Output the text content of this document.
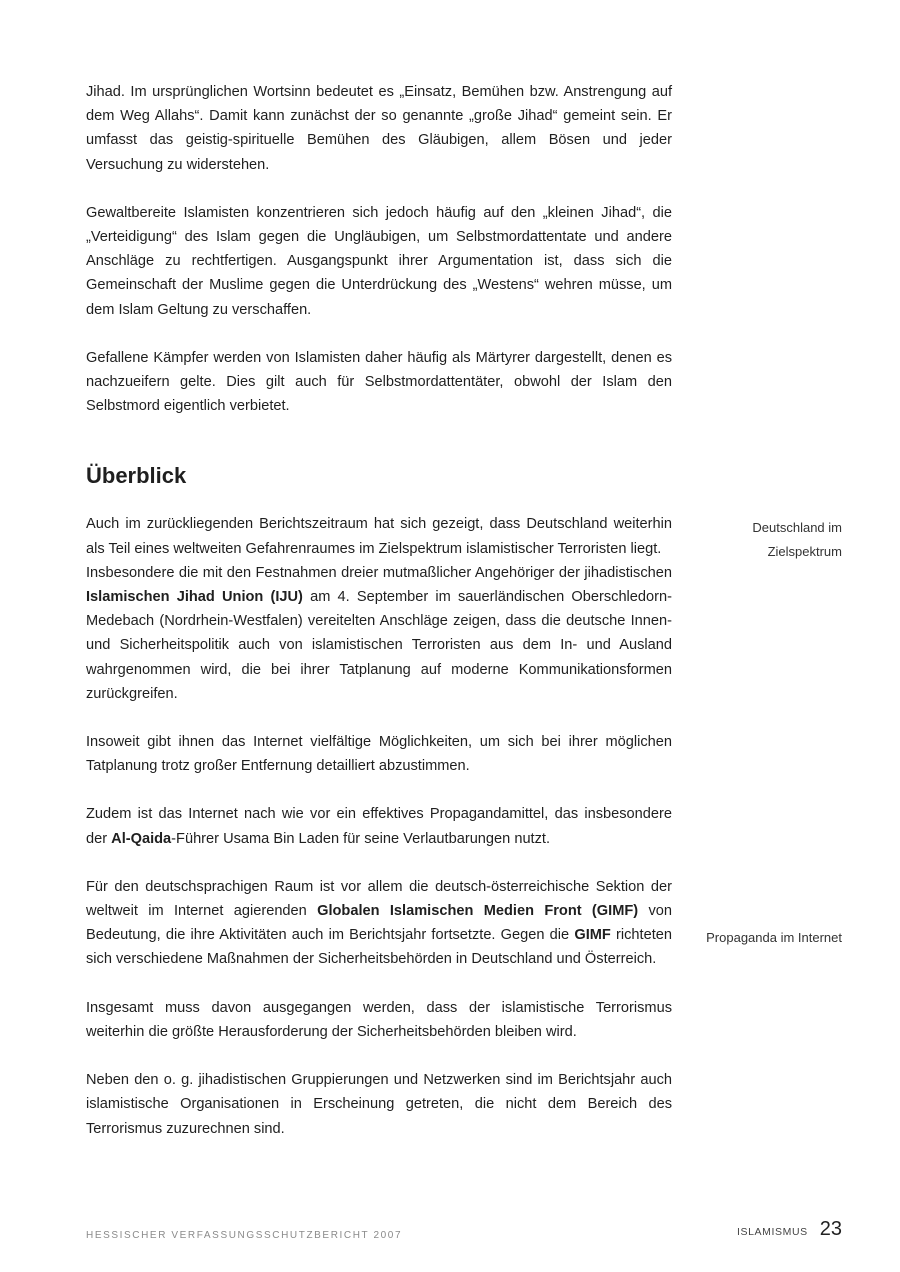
Jihad. Im ursprünglichen Wortsinn bedeutet es „Einsatz, Bemühen bzw. Anstrengung auf dem Weg Allahs“. Damit kann zunächst der so genannte „große Jihad“ gemeint sein. Er umfasst das geistig-spirituelle Bemühen des Gläubigen, allem Bösen und jeder Versuchung zu widerstehen.

Gewaltbereite Islamisten konzentrieren sich jedoch häufig auf den „kleinen Jihad“, die „Verteidigung“ des Islam gegen die Ungläubigen, um Selbstmordattentate und andere Anschläge zu rechtfertigen. Ausgangspunkt ihrer Argumentation ist, dass sich die Gemeinschaft der Muslime gegen die Unterdrückung des „Westens“ wehren müsse, um dem Islam Geltung zu verschaffen.

Gefallene Kämpfer werden von Islamisten daher häufig als Märtyrer dargestellt, denen es nachzueifern gelte. Dies gilt auch für Selbstmordattentäter, obwohl der Islam den Selbstmord eigentlich verbietet.

Überblick

Auch im zurückliegenden Berichtszeitraum hat sich gezeigt, dass Deutschland weiterhin als Teil eines weltweiten Gefahrenraumes im Zielspektrum islamistischer Terroristen liegt.

Insbesondere die mit den Festnahmen dreier mutmaßlicher Angehöriger der jihadistischen Islamischen Jihad Union (IJU) am 4. September im sauerländischen Oberschledorn-Medebach (Nordrhein-Westfalen) vereitelten Anschläge zeigen, dass die deutsche Innen- und Sicherheitspolitik auch von islamistischen Terroristen aus dem In- und Ausland wahrgenommen wird, die bei ihrer Tatplanung auf moderne Kommunikationsformen zurückgreifen.

Insoweit gibt ihnen das Internet vielfältige Möglichkeiten, um sich bei ihrer möglichen Tatplanung trotz großer Entfernung detailliert abzustimmen.

Zudem ist das Internet nach wie vor ein effektives Propagandamittel, das insbesondere der Al-Qaida-Führer Usama Bin Laden für seine Verlautbarungen nutzt.

Für den deutschsprachigen Raum ist vor allem die deutsch-österreichische Sektion der weltweit im Internet agierenden Globalen Islamischen Medien Front (GIMF) von Bedeutung, die ihre Aktivitäten auch im Berichtsjahr fortsetzte. Gegen die GIMF richteten sich verschiedene Maßnahmen der Sicherheitsbehörden in Deutschland und Österreich.

Insgesamt muss davon ausgegangen werden, dass der islamistische Terrorismus weiterhin die größte Herausforderung der Sicherheitsbehörden bleiben wird.

Neben den o. g. jihadistischen Gruppierungen und Netzwerken sind im Berichtsjahr auch islamistische Organisationen in Erscheinung getreten, die nicht dem Bereich des Terrorismus zuzurechnen sind.

Deutschland im
Zielspektrum
Propaganda im Internet
HESSISCHER VERFASSUNGSSCHUTZBERICHT 2007	ISLAMISMUS 23
